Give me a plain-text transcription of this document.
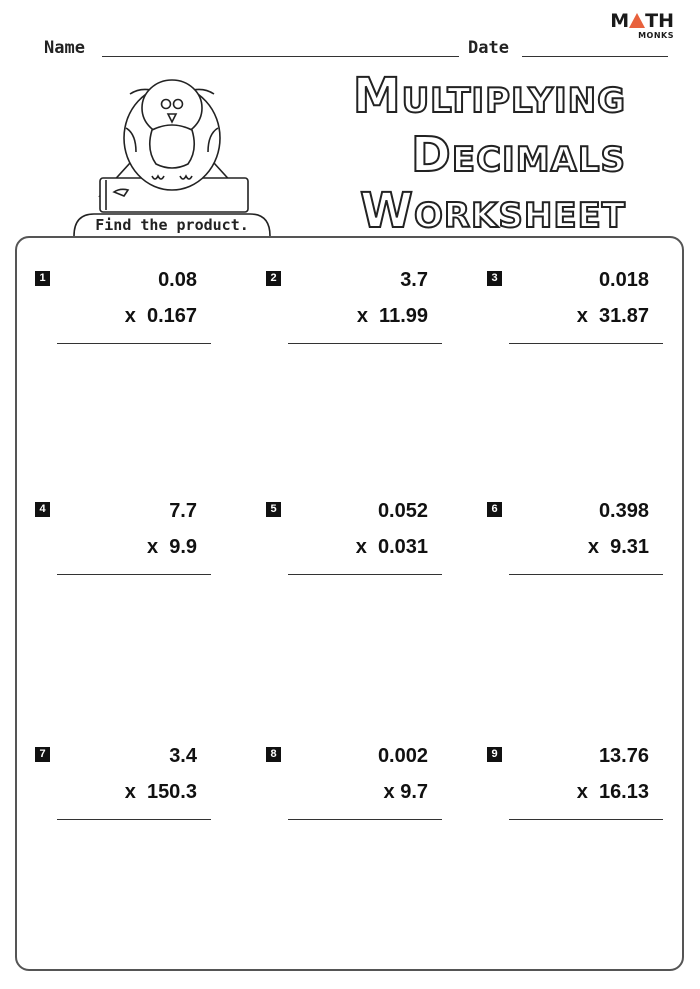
M TH
MONKS
Name	Date
Find the product.
MULTIPLYING
DECIMALS
WORKSHEET
1	0.08
x  0.167
2	3.7
x  11.99
3	0.018
x  31.87
4	7.7
x  9.9
5	0.052
x  0.031
6	0.398
x  9.31
7	3.4
x  150.3
8	0.002
x 9.7
9	13.76
x  16.13
